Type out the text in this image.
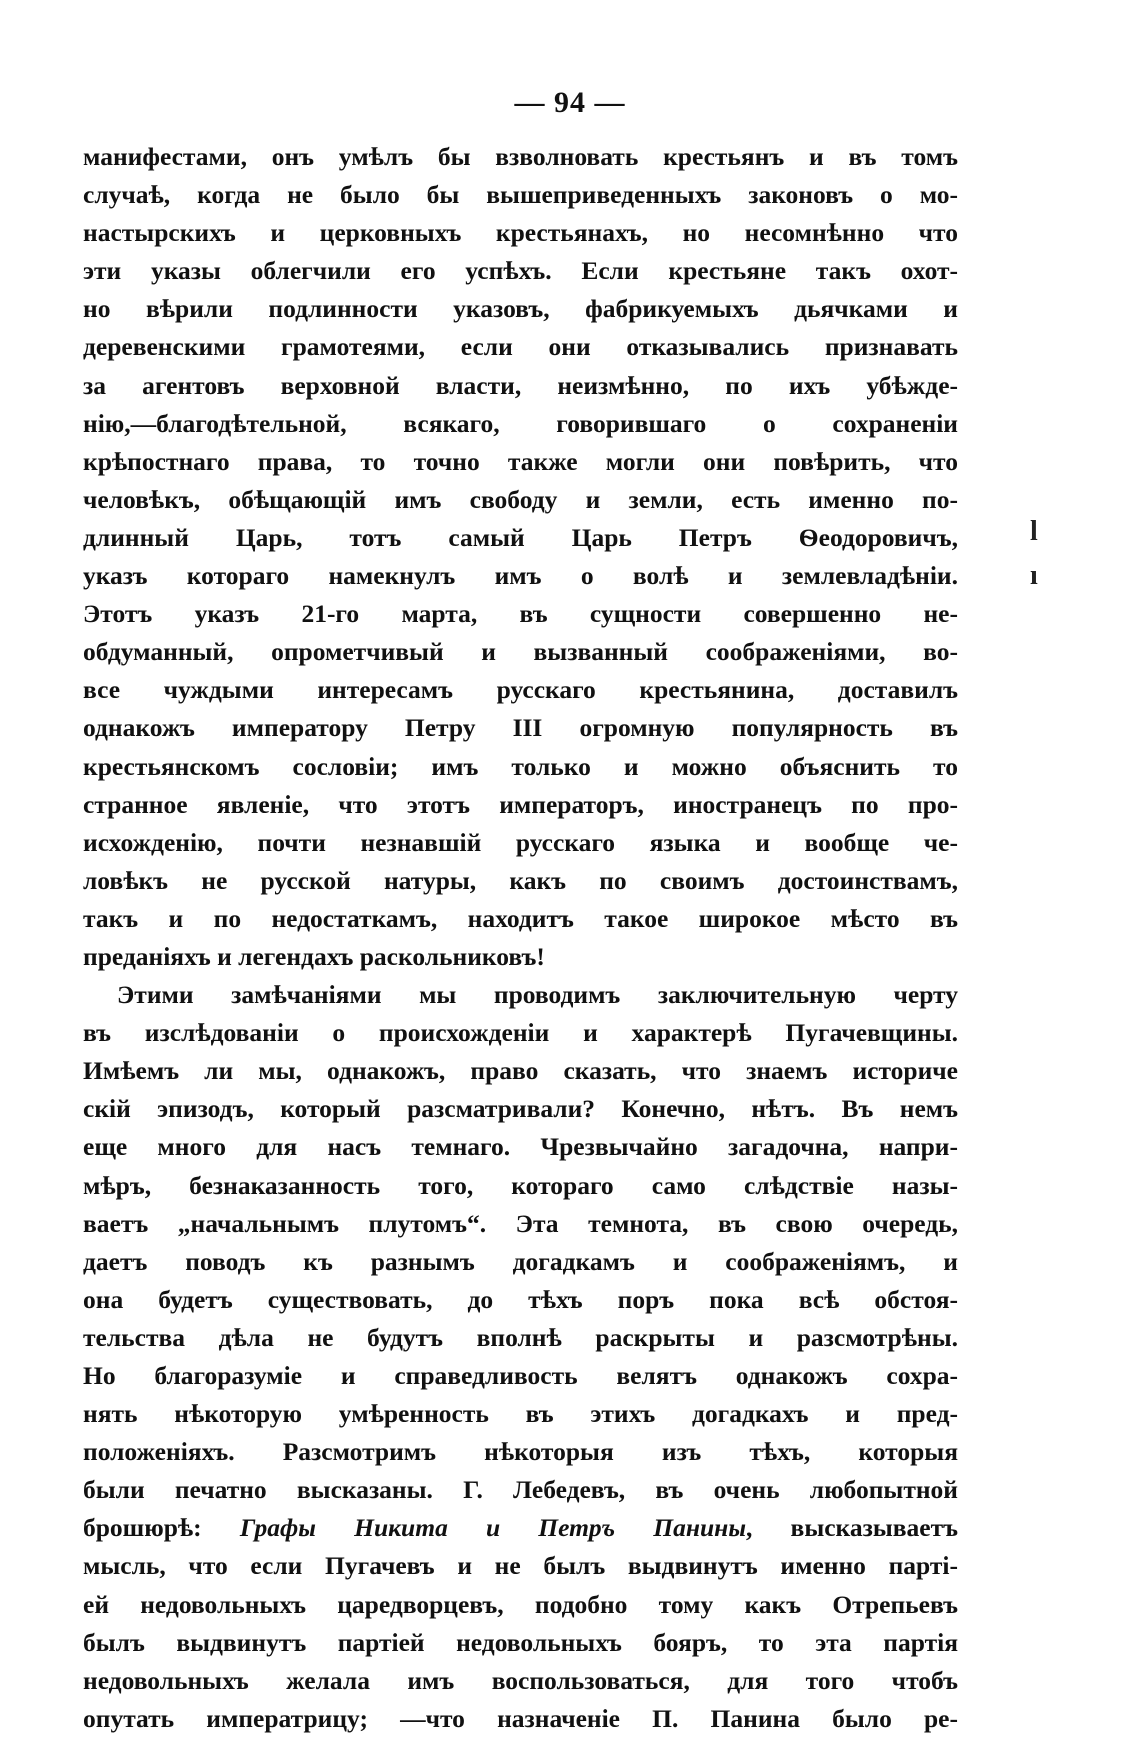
— 94 —
манифестами, онъ умѣлъ бы взволновать крестьянъ и въ томъ
случаѣ, когда не было бы вышеприведенныхъ законовъ о мо-
настырскихъ и церковныхъ крестьянахъ, но несомнѣнно что
эти указы облегчили его успѣхъ. Если крестьяне такъ охот-
но вѣрили подлинности указовъ, фабрикуемыхъ дьячками и
деревенскими грамотеями, если они отказывались признавать
за агентовъ верховной власти, неизмѣнно, по ихъ убѣжде-
нію,—благодѣтельной, всякаго, говорившаго о сохраненіи
крѣпостнаго права, то точно также могли они повѣрить, что
человѣкъ, обѣщающій имъ свободу и земли, есть именно по-
длинный Царь, тотъ самый Царь Петръ Ѳеодоровичъ,
указъ котораго намекнулъ имъ о волѣ и землевладѣніи.
Этотъ указъ 21-го марта, въ сущности совершенно не-
обдуманный, опрометчивый и вызванный соображеніями, во-
все чуждыми интересамъ русскаго крестьянина, доставилъ
однакожъ императору Петру III огромную популярность въ
крестьянскомъ сословіи; имъ только и можно объяснить то
странное явленіе, что этотъ императоръ, иностранецъ по про-
исхожденію, почти незнавшій русскаго языка и вообще че-
ловѣкъ не русской натуры, какъ по своимъ достоинствамъ,
такъ и по недостаткамъ, находитъ такое широкое мѣсто въ
преданіяхъ и легендахъ раскольниковъ!
Этими замѣчаніями мы проводимъ заключительную черту
въ изслѣдованіи о происхожденіи и характерѣ Пугачевщины.
Имѣемъ ли мы, однакожъ, право сказать, что знаемъ историче
скій эпизодъ, который разсматривали? Конечно, нѣтъ. Въ немъ
еще много для насъ темнаго. Чрезвычайно загадочна, напри-
мѣръ, безнаказанность того, котораго само слѣдствіе назы-
ваетъ „начальнымъ плутомъ“. Эта темнота, въ свою очередь,
даетъ поводъ къ разнымъ догадкамъ и соображеніямъ, и
она будетъ существовать, до тѣхъ поръ пока всѣ обстоя-
тельства дѣла не будутъ вполнѣ раскрыты и разсмотрѣны.
Но благоразуміе и справедливость велятъ однакожъ сохра-
нять нѣкоторую умѣренность въ этихъ догадкахъ и пред-
положеніяхъ. Разсмотримъ нѣкоторыя изъ тѣхъ, которыя
были печатно высказаны. Г. Лебедевъ, въ очень любопытной
брошюрѣ: Графы Никита и Петръ Панины, высказываетъ
мысль, что если Пугачевъ и не былъ выдвинутъ именно парті-
ей недовольныхъ царедворцевъ, подобно тому какъ Отрепьевъ
былъ выдвинутъ партіей недовольныхъ бояръ, то эта партія
недовольныхъ желала имъ воспользоваться, для того чтобъ
опутать императрицу; —что назначеніе П. Панина было ре-
l
ı
